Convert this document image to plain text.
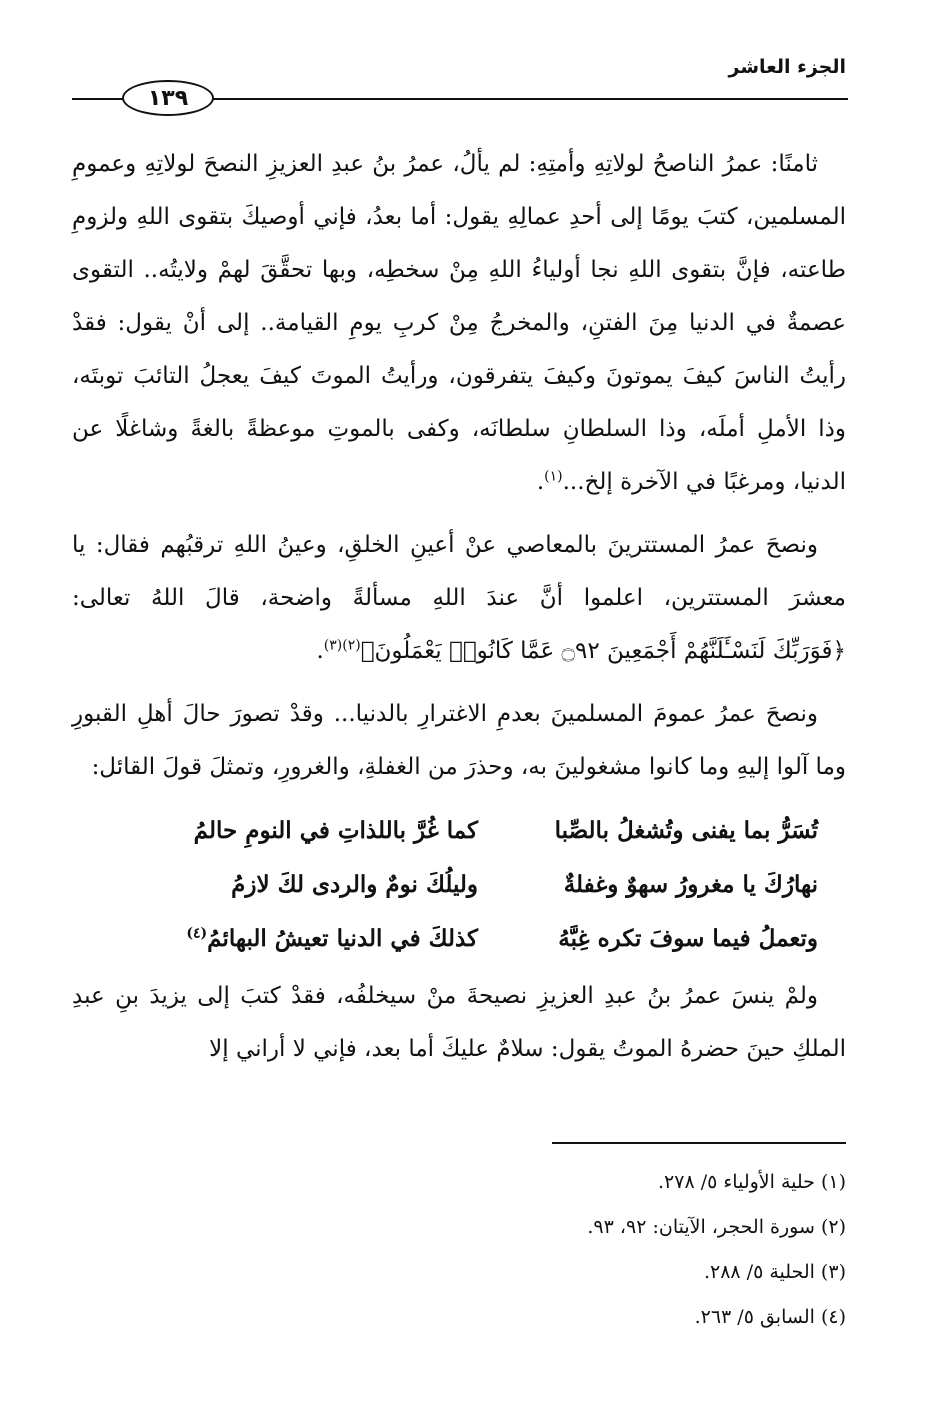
الجزء العاشر
١٣٩

ثامنًا: عمرُ الناصحُ لولاتِهِ وأمتِهِ: لم يألُ، عمرُ بنُ عبدِ العزيزِ النصحَ لولاتِهِ وعمومِ المسلمين، كتبَ يومًا إلى أحدِ عمالِهِ يقول: أما بعدُ، فإني أوصيكَ بتقوى اللهِ ولزومِ طاعته، فإنَّ بتقوى اللهِ نجا أولياءُ اللهِ مِنْ سخطِه، وبها تحقَّقَ لهمْ ولايتُه.. التقوى عصمةٌ في الدنيا مِنَ الفتنِ، والمخرجُ مِنْ كربِ يومِ القيامة.. إلى أنْ يقول: فقدْ رأيتُ الناسَ كيفَ يموتونَ وكيفَ يتفرقون، ورأيتُ الموتَ كيفَ يعجلُ التائبَ توبتَه، وذا الأملِ أملَه، وذا السلطانِ سلطانَه، وكفى بالموتِ موعظةً بالغةً وشاغلًا عن الدنيا، ومرغبًا في الآخرة إلخ...$^{(١)}$.

ونصحَ عمرُ المستترينَ بالمعاصي عنْ أعينِ الخلقِ، وعينُ اللهِ ترقبُهم فقال: يا معشرَ المستترين، اعلموا أنَّ عندَ اللهِ مسألةً واضحة، قالَ اللهُ تعالى: ﴿فَوَرَبِّكَ لَنَسْـَٔلَنَّهُمْ أَجْمَعِينَ ۝٩٢ عَمَّا كَانُوا۟ يَعْمَلُونَ﴾$^{(٢)(٣)}$.

ونصحَ عمرُ عمومَ المسلمينَ بعدمِ الاغترارِ بالدنيا... وقدْ تصورَ حالَ أهلِ القبورِ وما آلوا إليهِ وما كانوا مشغولينَ به، وحذرَ من الغفلةِ، والغرورِ، وتمثلَ قولَ القائل:

تُسَرُّ بما يفنى وتُشغلُ بالصِّبا
كما غُرَّ باللذاتِ في النومِ حالمُ
نهارُكَ يا مغرورُ سهوٌ وغفلةٌ
وليلُكَ نومٌ والردى لكَ لازمُ
وتعملُ فيما سوفَ تكره غِبَّهُ
كذلكَ في الدنيا تعيشُ البهائمُ$^{(٤)}$

ولمْ ينسَ عمرُ بنُ عبدِ العزيزِ نصيحةَ منْ سيخلفُه، فقدْ كتبَ إلى يزيدَ بنِ عبدِ الملكِ حينَ حضرهُ الموتُ يقول: سلامٌ عليكَ أما بعد، فإني لا أراني إلا

(١) حلية الأولياء ٥/ ٢٧٨.
(٢) سورة الحجر، الآيتان: ٩٢، ٩٣.
(٣) الحلية ٥/ ٢٨٨.
(٤) السابق ٥/ ٢٦٣.
